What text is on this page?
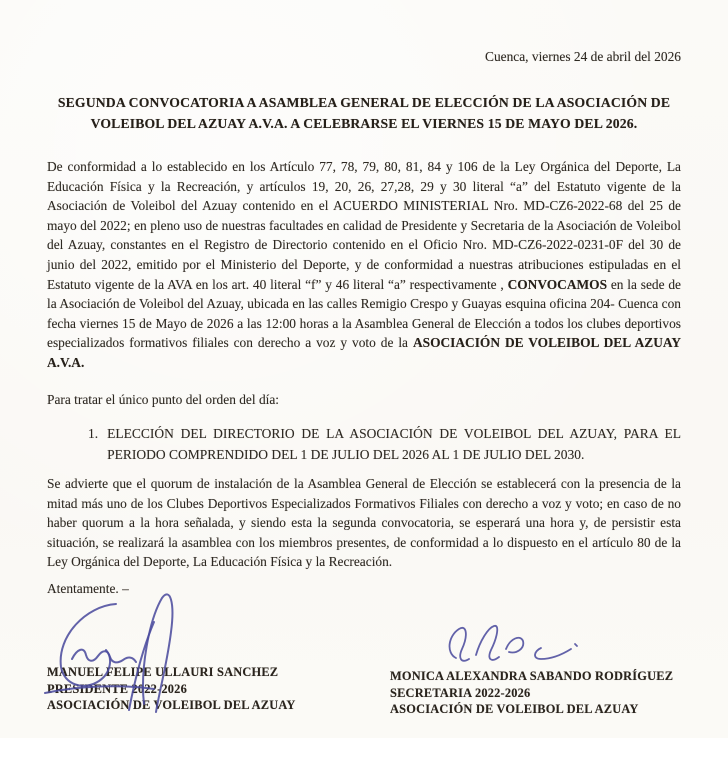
Cuenca, viernes 24 de abril del 2026
SEGUNDA CONVOCATORIA A ASAMBLEA GENERAL DE ELECCIÓN DE LA ASOCIACIÓN DE VOLEIBOL DEL AZUAY A.V.A. A CELEBRARSE EL VIERNES 15 DE MAYO DEL 2026.

De conformidad a lo establecido en los Artículo 77, 78, 79, 80, 81, 84 y 106 de la Ley Orgánica del Deporte, La Educación Física y la Recreación, y artículos 19, 20, 26, 27,28, 29 y 30 literal “a” del Estatuto vigente de la Asociación de Voleibol del Azuay contenido en el ACUERDO MINISTERIAL Nro. MD-CZ6-2022-68 del 25 de mayo del 2022; en pleno uso de nuestras facultades en calidad de Presidente y Secretaria de la Asociación de Voleibol del Azuay, constantes en el Registro de Directorio contenido en el Oficio Nro. MD-CZ6-2022-0231-0F del 30 de junio del 2022, emitido por el Ministerio del Deporte, y de conformidad a nuestras atribuciones estipuladas en el Estatuto vigente de la AVA en los art. 40 literal “f” y 46 literal “a” respectivamente , CONVOCAMOS en la sede de la Asociación de Voleibol del Azuay, ubicada en las calles Remigio Crespo y Guayas esquina oficina 204- Cuenca con fecha viernes 15 de Mayo de 2026 a las 12:00 horas a la Asamblea General de Elección a todos los clubes deportivos especializados formativos filiales con derecho a voz y voto de la ASOCIACIÓN DE VOLEIBOL DEL AZUAY A.V.A.

Para tratar el único punto del orden del día:

1. ELECCIÓN DEL DIRECTORIO DE LA ASOCIACIÓN DE VOLEIBOL DEL AZUAY, PARA EL PERIODO COMPRENDIDO DEL 1 DE JULIO DEL 2026 AL 1 DE JULIO DEL 2030.

Se advierte que el quorum de instalación de la Asamblea General de Elección se establecerá con la presencia de la mitad más uno de los Clubes Deportivos Especializados Formativos Filiales con derecho a voz y voto; en caso de no haber quorum a la hora señalada, y siendo esta la segunda convocatoria, se esperará una hora y, de persistir esta situación, se realizará la asamblea con los miembros presentes, de conformidad a lo dispuesto en el artículo 80 de la Ley Orgánica del Deporte, La Educación Física y la Recreación.

Atentamente. –
MANUEL FELIPE ULLAURI SANCHEZ
PRESIDENTE 2022-2026
ASOCIACIÓN DE VOLEIBOL DEL AZUAY
MONICA ALEXANDRA SABANDO RODRÍGUEZ
SECRETARIA 2022-2026
ASOCIACIÓN DE VOLEIBOL DEL AZUAY
